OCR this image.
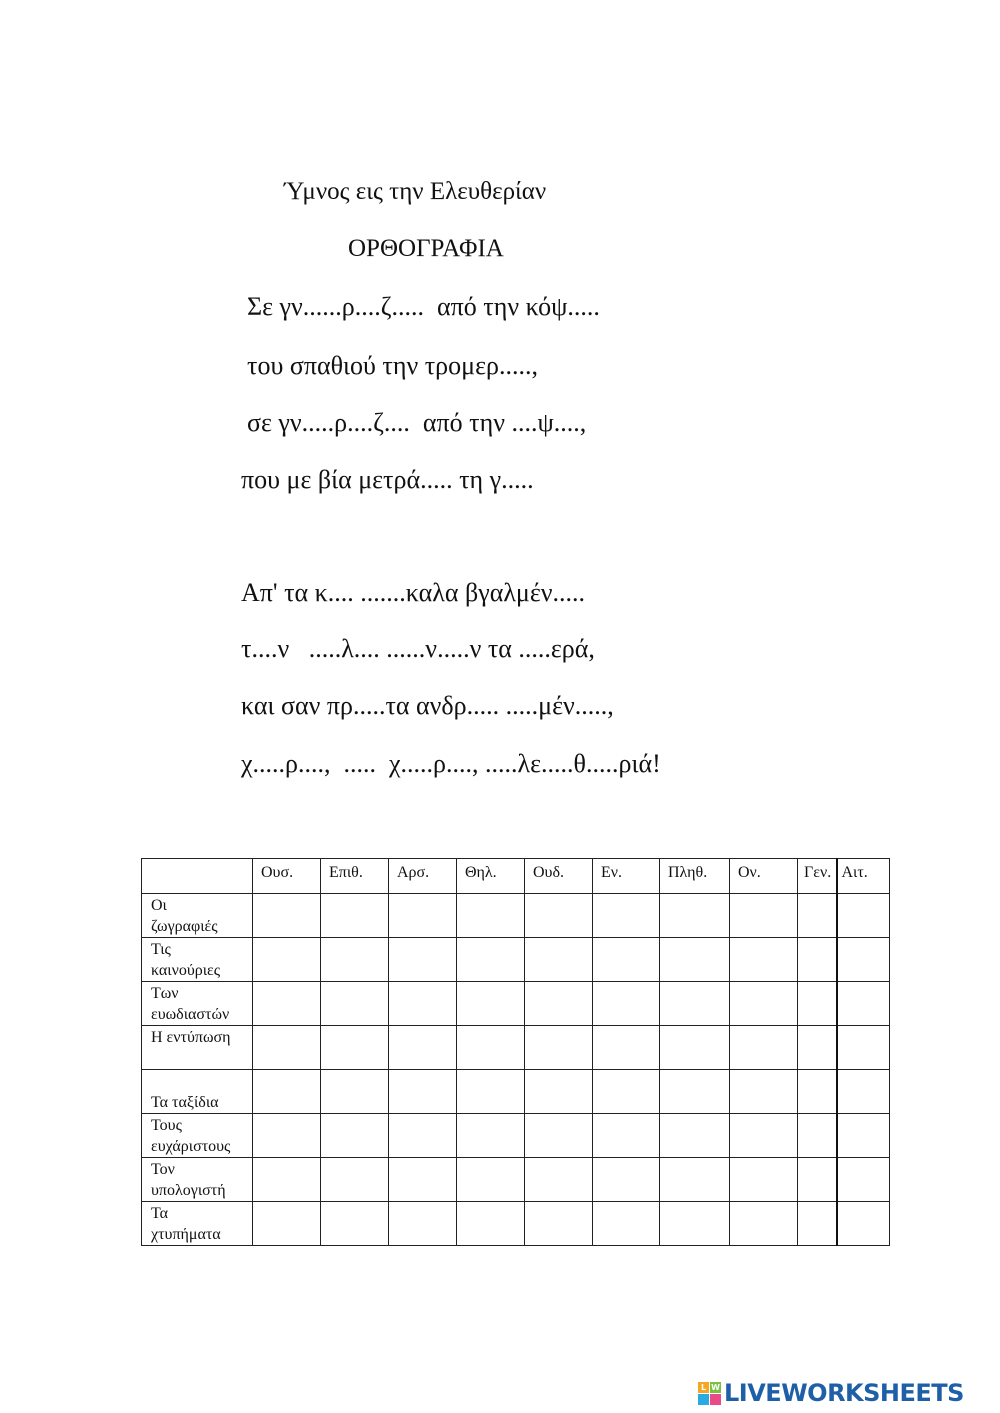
Ύμνος εις την Ελευθερίαν
ΟΡΘΟΓΡΑΦΙΑ
Σε γν......ρ....ζ.....  από την κόψ.....
του σπαθιού την τρομερ.....,
σε γν.....ρ....ζ....  από την ....ψ....,
που με βία μετρά..... τη γ.....
Απ' τα κ.... .......καλα βγαλμέν.....
τ....ν   .....λ.... ......ν.....ν τα .....ερά,
και σαν πρ.....τα ανδρ..... .....μέν.....,
χ.....ρ....,  .....  χ.....ρ...., .....λε.....θ.....ριά!
	Ουσ.	Επιθ.	Αρσ.	Θηλ.	Ουδ.	Εν.	Πληθ.	Ον.	Γεν.	Αιτ.

Οι
ζωγραφιές										

Τις
καινούριες										

Των
ευωδιαστών										

Η εντύπωση										

Τα ταξίδια										

Τους
ευχάριστους										

Τον
υπολογιστή										

Τα
χτυπήματα										

L W LIVEWORKSHEETS
